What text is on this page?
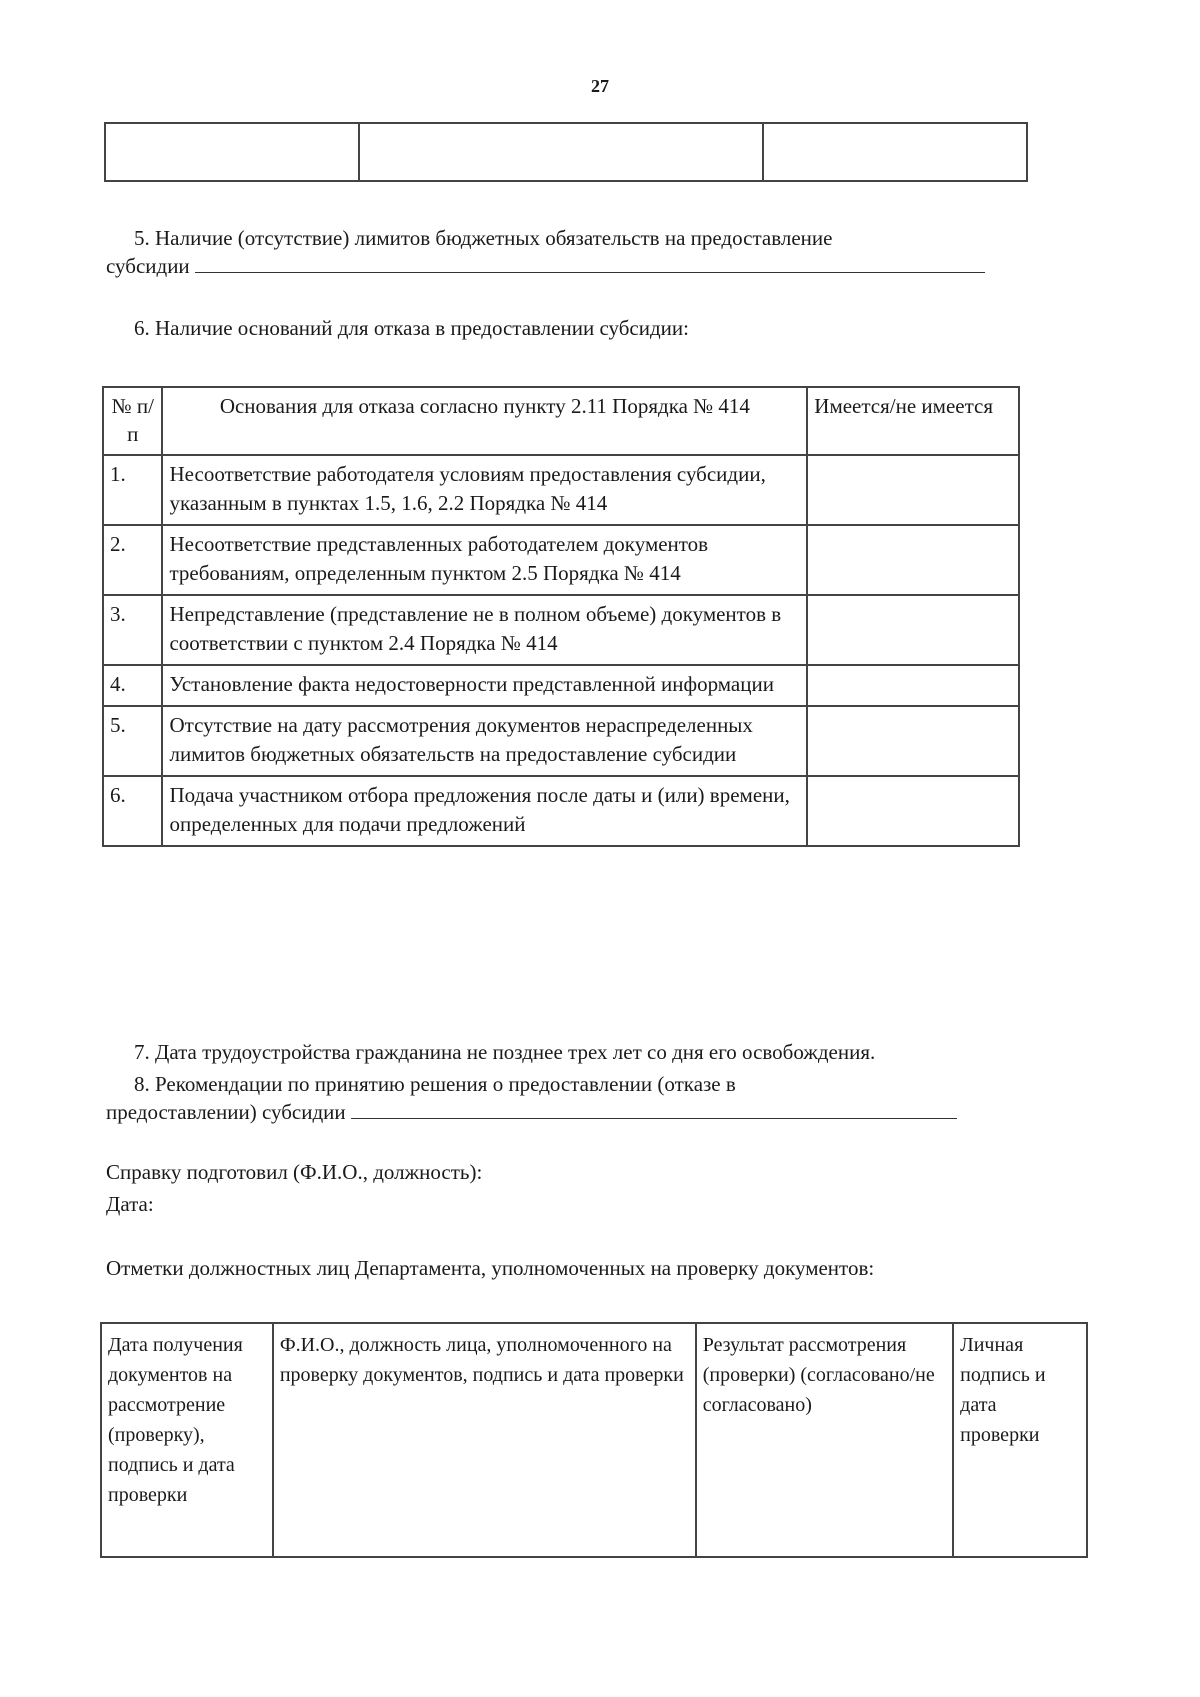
27

5. Наличие (отсутствие) лимитов бюджетных обязательств на предоставление
субсидии
6. Наличие оснований для отказа в предоставлении субсидии:
№ п/п	Основания для отказа согласно пункту 2.11 Порядка № 414	Имеется/не имеется
1.	Несоответствие работодателя условиям предоставления субсидии, указанным в пунктах 1.5, 1.6, 2.2 Порядка № 414	
2.	Несоответствие представленных работодателем документов требованиям, определенным пунктом 2.5 Порядка № 414	
3.	Непредставление (представление не в полном объеме) документов в соответствии с пунктом 2.4 Порядка № 414	
4.	Установление факта недостоверности представленной информации	
5.	Отсутствие на дату рассмотрения документов нераспределенных лимитов бюджетных обязательств на предоставление субсидии	
6.	Подача участником отбора предложения после даты и (или) времени, определенных для подачи предложений	
7. Дата трудоустройства гражданина не позднее трех лет со дня его освобождения.
8. Рекомендации по принятию решения о предоставлении (отказе в
предоставлении) субсидии
Справку подготовил (Ф.И.О., должность):
Дата:
Отметки должностных лиц Департамента, уполномоченных на проверку документов:
Дата получения документов на рассмотрение (проверку), подпись и дата проверки	Ф.И.О., должность лица, уполномоченного на проверку документов, подпись и дата проверки	Результат рассмотрения (проверки) (согласовано/не согласовано)	Личная подпись и дата проверки
